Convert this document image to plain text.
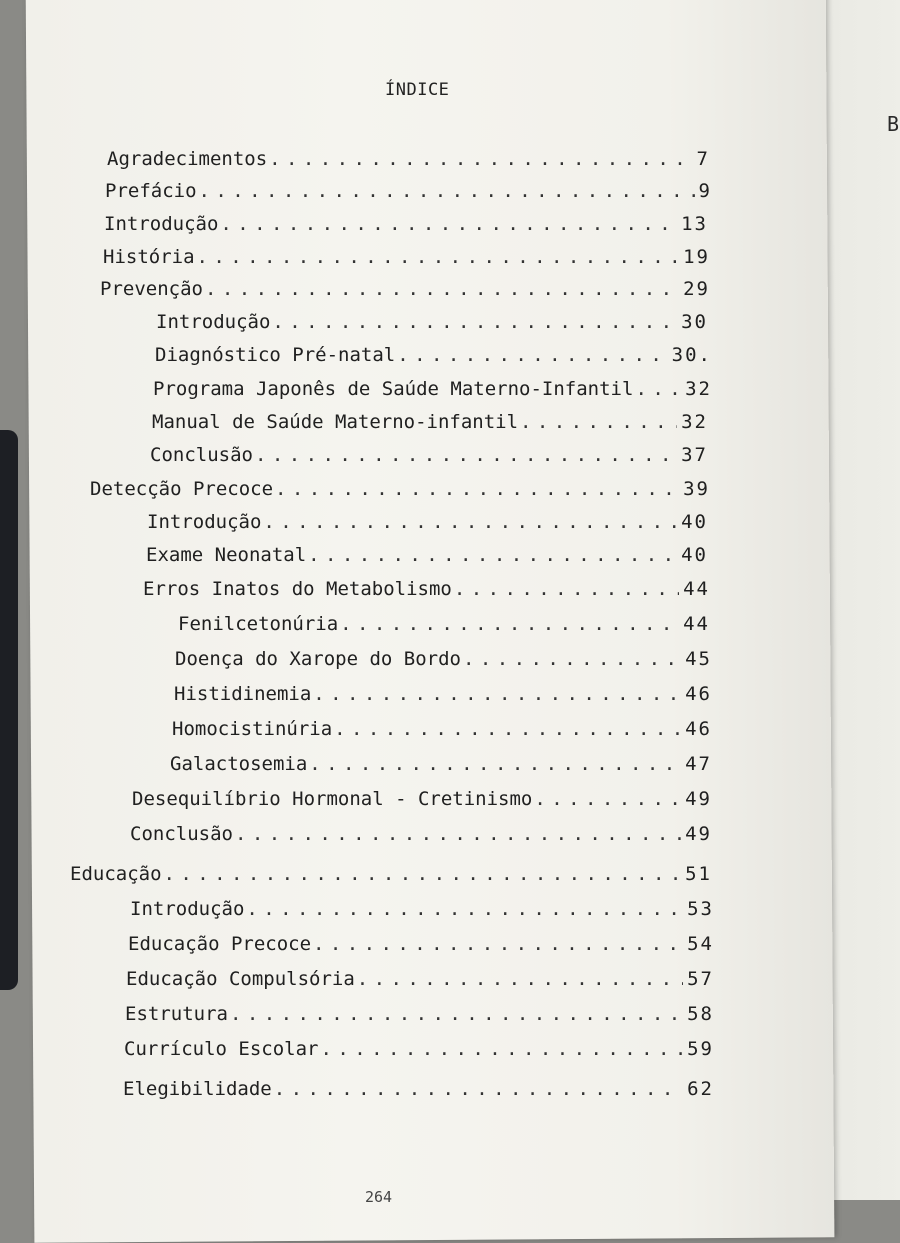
B
ÍNDICE
Agradecimentos . . .	7
Prefácio . . .	9
Introdução . . .	13
História . . .	19
Prevenção . . .	29
Introdução . . .	30
Diagnóstico Pré-natal . . .	30.
Programa Japonês de Saúde Materno-Infantil . . .	32
Manual de Saúde Materno-infantil . . .	32
Conclusão . . .	37
Detecção Precoce . . .	39
Introdução . . .	40
Exame Neonatal . . .	40
Erros Inatos do Metabolismo . . .	44
Fenilcetonúria . . .	44
Doença do Xarope do Bordo . . .	45
Histidinemia . . .	46
Homocistinúria . . .	46
Galactosemia . . .	47
Desequilíbrio Hormonal - Cretinismo . . .	49
Conclusão . . .	49
Educação . . .	51
Introdução . . .	53
Educação Precoce . . .	54
Educação Compulsória . . .	57
Estrutura . . .	58
Currículo Escolar . . .	59
Elegibilidade . . .	62
264
